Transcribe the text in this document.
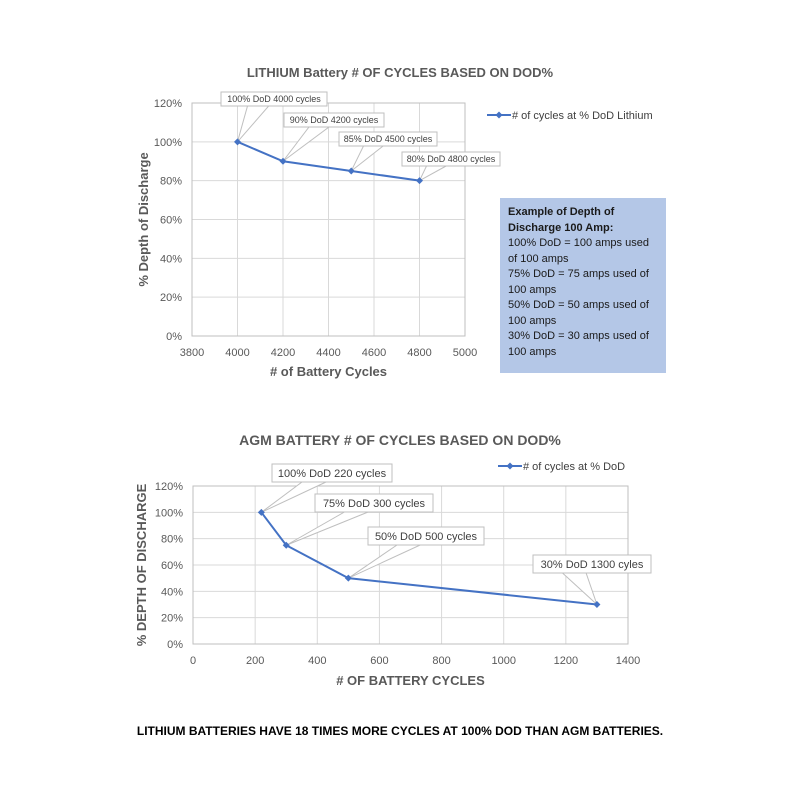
LITHIUM Battery # OF CYCLES BASED ON DOD%
3800 4000 4200 4400 4600 4800 5000
0%
20%
40%
60%
80%
100%
120%
# of Battery Cycles
% Depth of Discharge
100% DoD 4000 cycles
90% DoD 4200 cycles
85% DoD 4500 cycles
80% DoD 4800 cycles
# of cycles at % DoD Lithium
AGM BATTERY # OF CYCLES BASED ON DOD%
0	200	400	600	800	1000	1200	1400
0%
20%
40%
60%
80%
100%
120%
# OF BATTERY CYCLES
% DEPTH OF DISCHARGE
100% DoD 220 cycles
75% DoD 300 cycles
50% DoD 500 cycles
30% DoD 1300 cyles
# of cycles at % DoD
Example of Depth of
Discharge 100 Amp:
100% DoD = 100 amps used
of 100 amps
75% DoD = 75 amps used of
100 amps
50% DoD = 50 amps used of
100 amps
30% DoD = 30 amps used of
100 amps
LITHIUM BATTERIES HAVE 18 TIMES MORE CYCLES AT 100% DOD THAN AGM BATTERIES.
